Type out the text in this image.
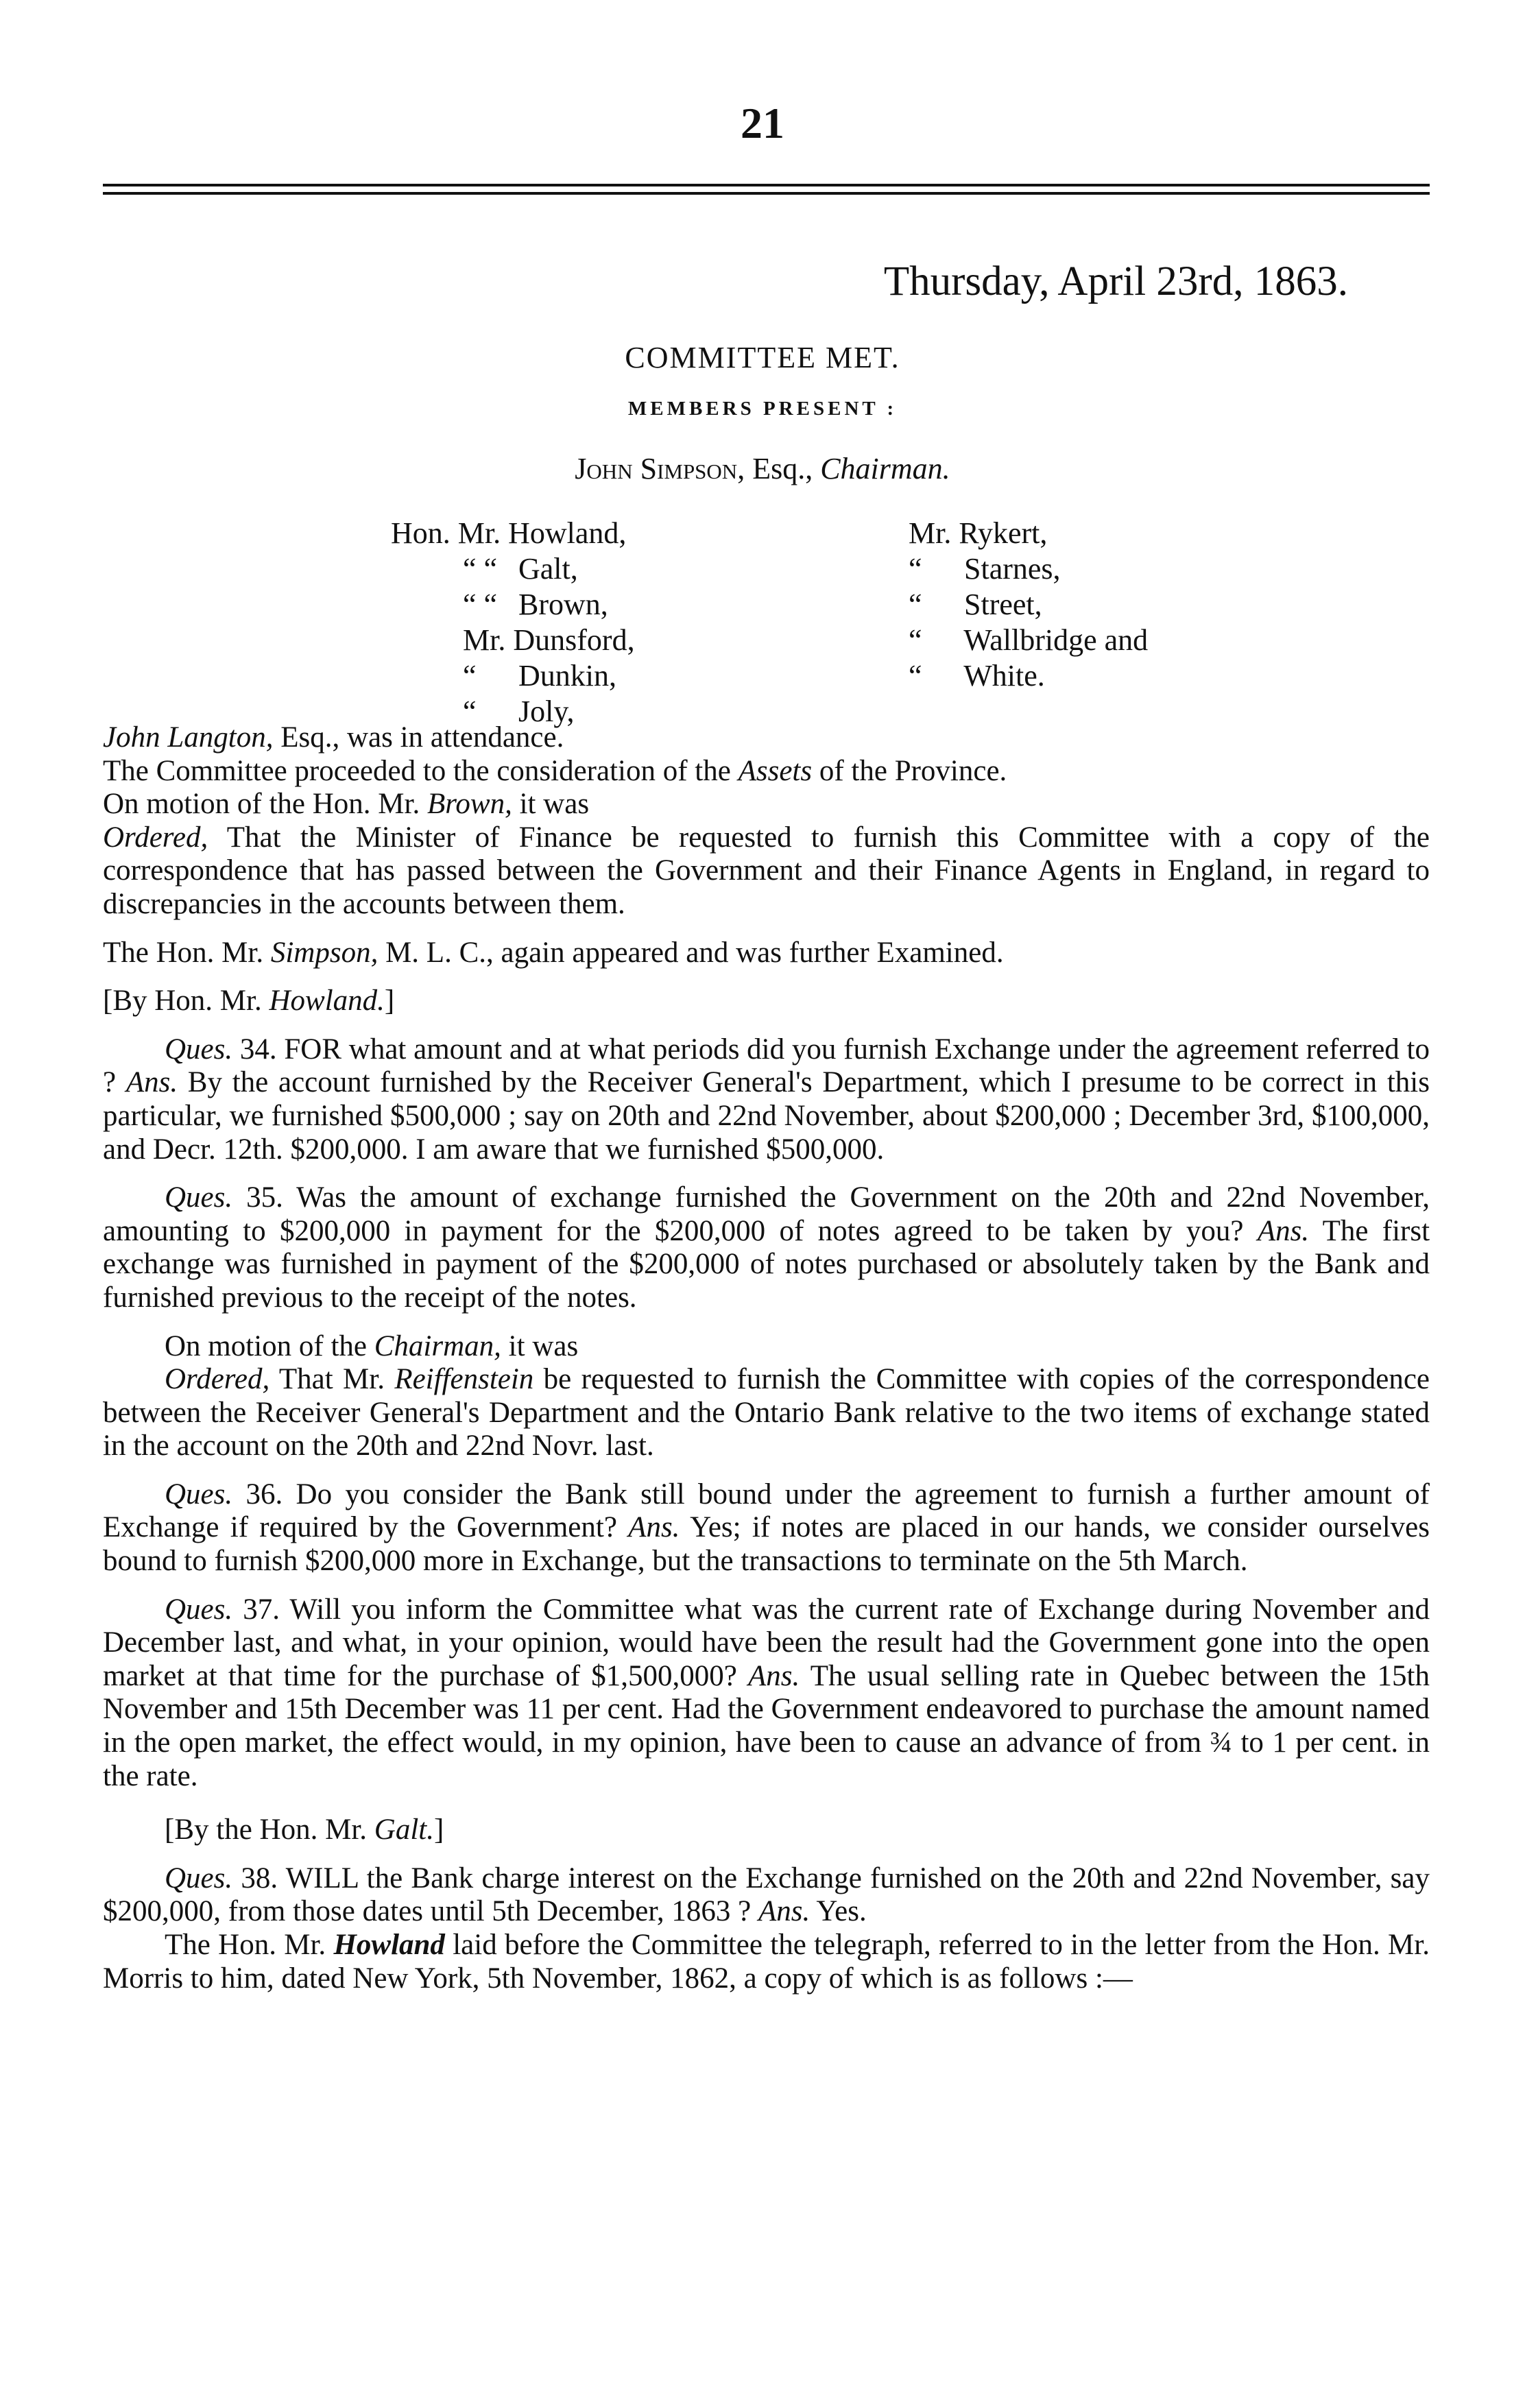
21
Thursday, April 23rd, 1863.
COMMITTEE MET.
MEMBERS PRESENT :
John Simpson, Esq., Chairman.
Hon. Mr. Howland,
“ “ Galt,
“ “ Brown,
Mr. Dunsford,
“ Dunkin,
“ Joly,
Mr. Rykert,
“ Starnes,
“ Street,
“ Wallbridge and
“ White.

John Langton, Esq., was in attendance.

The Committee proceeded to the consideration of the Assets of the Province.

On motion of the Hon. Mr. Brown, it was

Ordered, That the Minister of Finance be requested to furnish this Committee with a copy of the correspondence that has passed between the Government and their Finance Agents in England, in regard to discrepancies in the accounts between them.

The Hon. Mr. Simpson, M. L. C., again appeared and was further Examined.

[By Hon. Mr. Howland.]

Ques. 34. FOR what amount and at what periods did you furnish Exchange under the agreement referred to ? Ans. By the account furnished by the Receiver General's Department, which I presume to be correct in this particular, we furnished $500,000 ; say on 20th and 22nd November, about $200,000 ; December 3rd, $100,000, and Decr. 12th. $200,000. I am aware that we furnished $500,000.

Ques. 35. Was the amount of exchange furnished the Government on the 20th and 22nd November, amounting to $200,000 in payment for the $200,000 of notes agreed to be taken by you? Ans. The first exchange was furnished in payment of the $200,000 of notes purchased or absolutely taken by the Bank and furnished previous to the receipt of the notes.

On motion of the Chairman, it was

Ordered, That Mr. Reiffenstein be requested to furnish the Committee with copies of the correspondence between the Receiver General's Department and the Ontario Bank relative to the two items of exchange stated in the account on the 20th and 22nd Novr. last.

Ques. 36. Do you consider the Bank still bound under the agreement to furnish a further amount of Exchange if required by the Government? Ans. Yes; if notes are placed in our hands, we consider ourselves bound to furnish $200,000 more in Exchange, but the transactions to terminate on the 5th March.

Ques. 37. Will you inform the Committee what was the current rate of Exchange during November and December last, and what, in your opinion, would have been the result had the Government gone into the open market at that time for the purchase of $1,500,000? Ans. The usual selling rate in Quebec between the 15th November and 15th December was 11 per cent. Had the Government endeavored to purchase the amount named in the open market, the effect would, in my opinion, have been to cause an advance of from ¾ to 1 per cent. in the rate.

[By the Hon. Mr. Galt.]

Ques. 38. WILL the Bank charge interest on the Exchange furnished on the 20th and 22nd November, say $200,000, from those dates until 5th December, 1863 ? Ans. Yes.

The Hon. Mr. Howland laid before the Committee the telegraph, referred to in the letter from the Hon. Mr. Morris to him, dated New York, 5th November, 1862, a copy of which is as follows :—
